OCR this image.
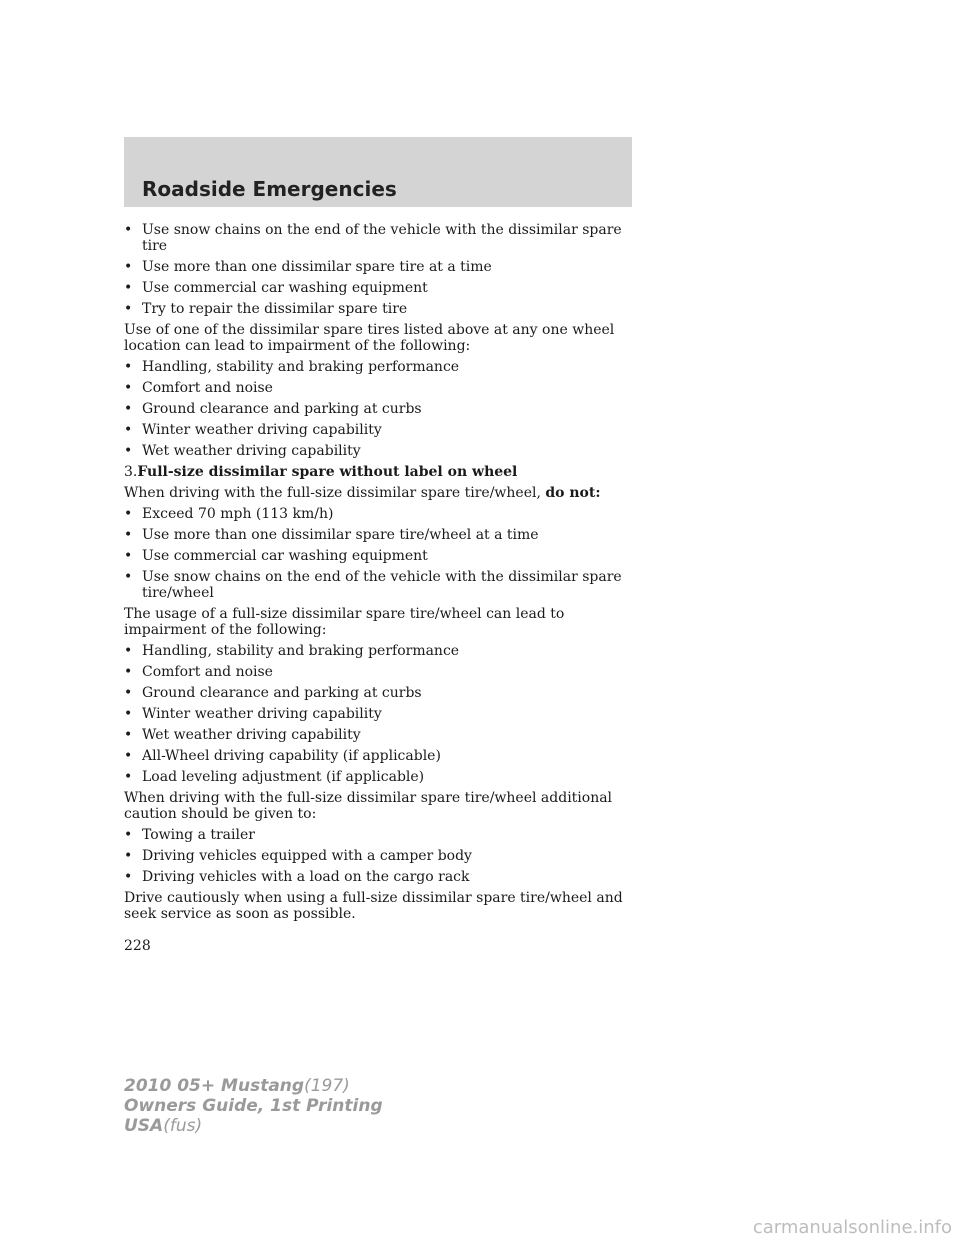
Roadside Emergencies
• Use snow chains on the end of the vehicle with the dissimilar spare tire
• Use more than one dissimilar spare tire at a time
• Use commercial car washing equipment
• Try to repair the dissimilar spare tire
Use of one of the dissimilar spare tires listed above at any one wheel location can lead to impairment of the following:
• Handling, stability and braking performance
• Comfort and noise
• Ground clearance and parking at curbs
• Winter weather driving capability
• Wet weather driving capability
3.Full-size dissimilar spare without label on wheel
When driving with the full-size dissimilar spare tire/wheel, do not:
• Exceed 70 mph (113 km/h)
• Use more than one dissimilar spare tire/wheel at a time
• Use commercial car washing equipment
• Use snow chains on the end of the vehicle with the dissimilar spare tire/wheel
The usage of a full-size dissimilar spare tire/wheel can lead to impairment of the following:
• Handling, stability and braking performance
• Comfort and noise
• Ground clearance and parking at curbs
• Winter weather driving capability
• Wet weather driving capability
• All-Wheel driving capability (if applicable)
• Load leveling adjustment (if applicable)
When driving with the full-size dissimilar spare tire/wheel additional caution should be given to:
• Towing a trailer
• Driving vehicles equipped with a camper body
• Driving vehicles with a load on the cargo rack
Drive cautiously when using a full-size dissimilar spare tire/wheel and seek service as soon as possible.
228
2010 05+ Mustang(197)
Owners Guide, 1st Printing
USA(fus)
carmanualsonline.info
